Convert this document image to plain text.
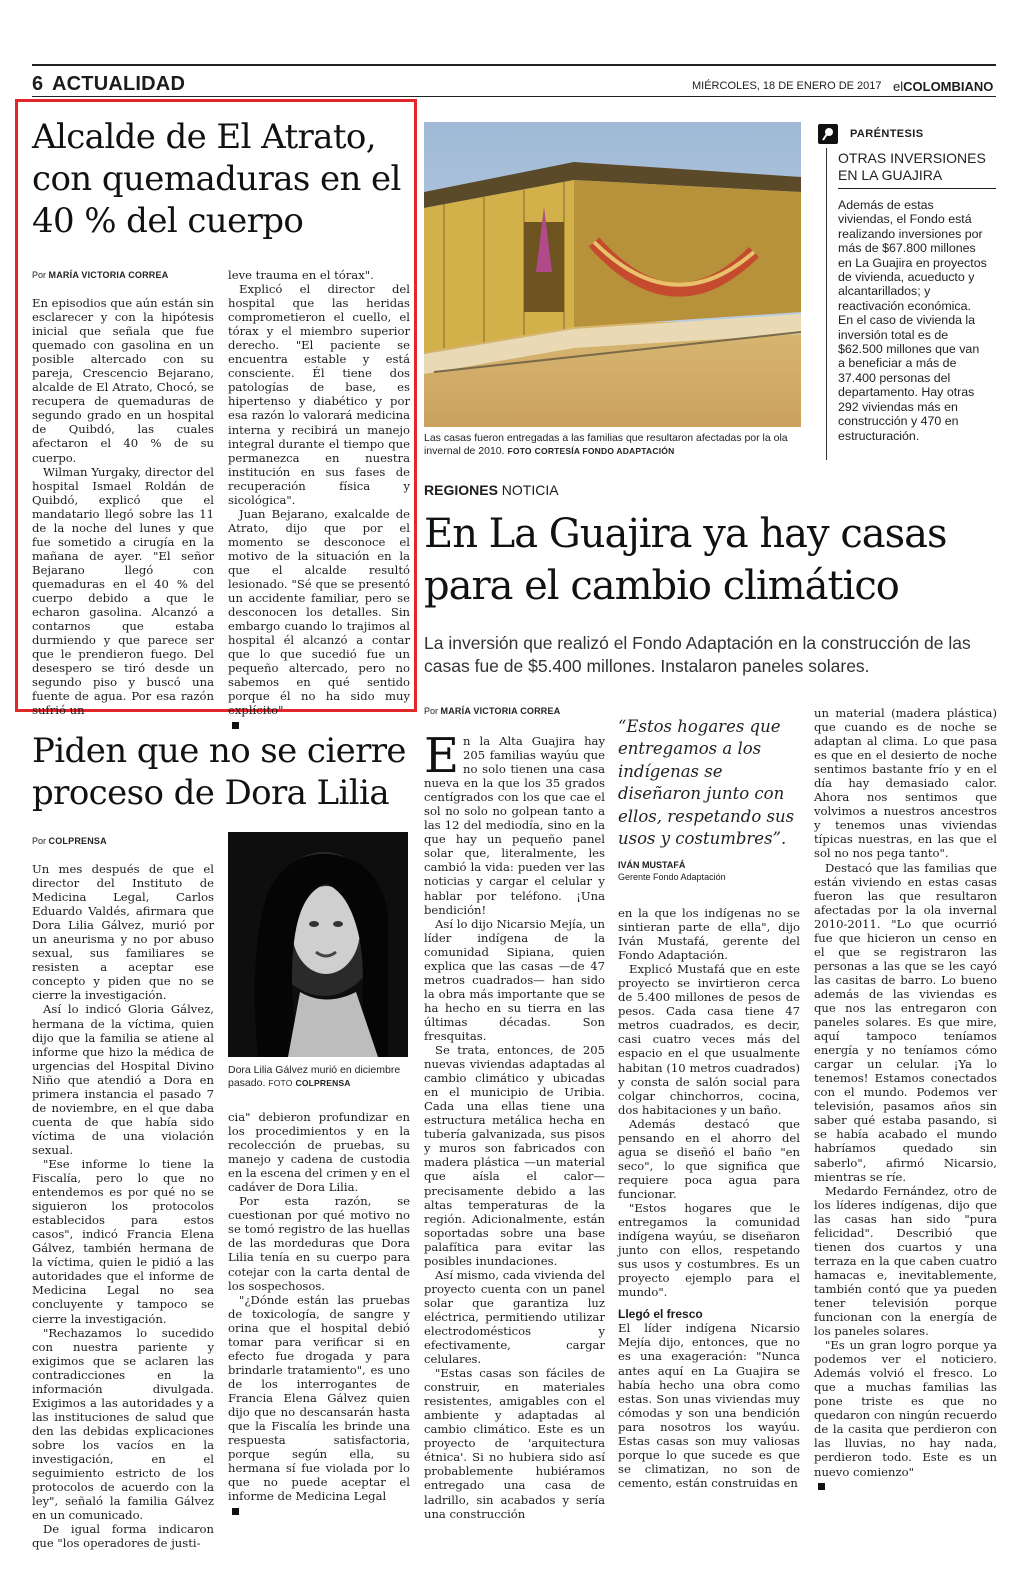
6 ACTUALIDAD	MIÉRCOLES, 18 DE ENERO DE 2017 elCOLOMBIANO
Alcalde de El Atrato, con quemaduras en el 40 % del cuerpo
Por MARÍA VICTORIA CORREA

En episodios que aún están sin esclarecer y con la hipótesis inicial que señala que fue quemado con gasolina en un posible altercado con su pareja, Crescencio Bejarano, alcalde de El Atrato, Chocó, se recupera de quemaduras de segundo grado en un hospital de Quibdó, las cuales afectaron el 40 % de su cuerpo.

Wilman Yurgaky, director del hospital Ismael Roldán de Quibdó, explicó que el mandatario llegó sobre las 11 de la noche del lunes y que fue sometido a cirugía en la mañana de ayer. "El señor Bejarano llegó con quemaduras en el 40 % del cuerpo debido a que le echaron gasolina. Alcanzó a contarnos que estaba durmiendo y que parece ser que le prendieron fuego. Del desespero se tiró desde un segundo piso y buscó una fuente de agua. Por esa razón sufrió un

leve trauma en el tórax".

Explicó el director del hospital que las heridas comprometieron el cuello, el tórax y el miembro superior derecho. "El paciente se encuentra estable y está consciente. Él tiene dos patologías de base, es hipertenso y diabético y por esa razón lo valorará medicina interna y recibirá un manejo integral durante el tiempo que permanezca en nuestra institución en sus fases de recuperación física y sicológica".

Juan Bejarano, exalcalde de Atrato, dijo que por el momento se desconoce el motivo de la situación en la que el alcalde resultó lesionado. "Sé que se presentó un accidente familiar, pero se desconocen los detalles. Sin embargo cuando lo trajimos al hospital él alcanzó a contar que lo que sucedió fue un pequeño altercado, pero no sabemos en qué sentido porque él no ha sido muy explícito"

Piden que no se cierre proceso de Dora Lilia
Por COLPRENSA

Un mes después de que el director del Instituto de Medicina Legal, Carlos Eduardo Valdés, afirmara que Dora Lilia Gálvez, murió por un aneurisma y no por abuso sexual, sus familiares se resisten a aceptar ese concepto y piden que no se cierre la investigación.

Así lo indicó Gloria Gálvez, hermana de la víctima, quien dijo que la familia se atiene al informe que hizo la médica de urgencias del Hospital Divino Niño que atendió a Dora en primera instancia el pasado 7 de noviembre, en el que daba cuenta de que había sido víctima de una violación sexual.

"Ese informe lo tiene la Fiscalía, pero lo que no entendemos es por qué no se siguieron los protocolos establecidos para estos casos", indicó Francia Elena Gálvez, también hermana de la víctima, quien le pidió a las autoridades que el informe de Medicina Legal no sea concluyente y tampoco se cierre la investigación.

"Rechazamos lo sucedido con nuestra pariente y exigimos que se aclaren las contradicciones en la información divulgada. Exigimos a las autoridades y a las instituciones de salud que den las debidas explicaciones sobre los vacíos en la investigación, en el seguimiento estricto de los protocolos de acuerdo con la ley", señaló la familia Gálvez en un comunicado.

De igual forma indicaron que "los operadores de justi-

Dora Lilia Gálvez murió en diciembre pasado. FOTO COLPRENSA

cia" debieron profundizar en los procedimientos y en la recolección de pruebas, su manejo y cadena de custodia en la escena del crimen y en el cadáver de Dora Lilia.

Por esta razón, se cuestionan por qué motivo no se tomó registro de las huellas de las mordeduras que Dora Lilia tenía en su cuerpo para cotejar con la carta dental de los sospechosos.

"¿Dónde están las pruebas de toxicología, de sangre y orina que el hospital debió tomar para verificar si en efecto fue drogada y para brindarle tratamiento", es uno de los interrogantes de Francia Elena Gálvez quien dijo que no descansarán hasta que la Fiscalía les brinde una respuesta satisfactoria, porque según ella, su hermana sí fue violada por lo que no puede aceptar el informe de Medicina Legal

Las casas fueron entregadas a las familias que resultaron afectadas por la ola invernal de 2010. FOTO CORTESÍA FONDO ADAPTACIÓN
PARÉNTESIS
OTRAS INVERSIONES EN LA GUAJIRA
Además de estas viviendas, el Fondo está realizando inversiones por más de $67.800 millones en La Guajira en proyectos de vivienda, acueducto y alcantarillados; y reactivación económica. En el caso de vivienda la inversión total es de $62.500 millones que van a beneficiar a más de 37.400 personas del departamento. Hay otras 292 viviendas más en construcción y 470 en estructuración.
REGIONES NOTICIA
En La Guajira ya hay casas para el cambio climático
La inversión que realizó el Fondo Adaptación en la construcción de las casas fue de $5.400 millones. Instalaron paneles solares.
Por MARÍA VICTORIA CORREA

En la Alta Guajira hay 205 familias wayúu que no solo tienen una casa nueva en la que los 35 grados centígrados con los que cae el sol no solo no golpean tanto a las 12 del mediodía, sino en la que hay un pequeño panel solar que, literalmente, les cambió la vida: pueden ver las noticias y cargar el celular y hablar por teléfono. ¡Una bendición!

Así lo dijo Nicarsio Mejía, un líder indígena de la comunidad Sipiana, quien explica que las casas —de 47 metros cuadrados— han sido la obra más importante que se ha hecho en su tierra en las últimas décadas. Son fresquitas.

Se trata, entonces, de 205 nuevas viviendas adaptadas al cambio climático y ubicadas en el municipio de Uribia. Cada una ellas tiene una estructura metálica hecha en tubería galvanizada, sus pisos y muros son fabricados con madera plástica —un material que aísla el calor— precisamente debido a las altas temperaturas de la región. Adicionalmente, están soportadas sobre una base palafítica para evitar las posibles inundaciones.

Así mismo, cada vivienda del proyecto cuenta con un panel solar que garantiza luz eléctrica, permitiendo utilizar electrodomésticos y efectivamente, cargar celulares.

"Estas casas son fáciles de construir, en materiales resistentes, amigables con el ambiente y adaptadas al cambio climático. Este es un proyecto de 'arquitectura étnica'. Si no hubiera sido así probablemente hubiéramos entregado una casa de ladrillo, sin acabados y sería una construcción

“Estos hogares que entregamos a los indígenas se diseñaron junto con ellos, respetando sus usos y costumbres”.
IVÁN MUSTAFÁ
Gerente Fondo Adaptación

en la que los indígenas no se sintieran parte de ella", dijo Iván Mustafá, gerente del Fondo Adaptación.

Explicó Mustafá que en este proyecto se invirtieron cerca de 5.400 millones de pesos de pesos. Cada casa tiene 47 metros cuadrados, es decir, casi cuatro veces más del espacio en el que usualmente habitan (10 metros cuadrados) y consta de salón social para colgar chinchorros, cocina, dos habitaciones y un baño.

Además destacó que pensando en el ahorro del agua se diseñó el baño "en seco", lo que significa que requiere poca agua para funcionar.

"Estos hogares que le entregamos la comunidad indígena wayúu, se diseñaron junto con ellos, respetando sus usos y costumbres. Es un proyecto ejemplo para el mundo".

Llegó el fresco

El líder indígena Nicarsio Mejía dijo, entonces, que no es una exageración: "Nunca antes aquí en La Guajira se había hecho una obra como estas. Son unas viviendas muy cómodas y son una bendición para nosotros los wayúu. Estas casas son muy valiosas porque lo que sucede es que se climatizan, no son de cemento, están construidas en

un material (madera plástica) que cuando es de noche se adaptan al clima. Lo que pasa es que en el desierto de noche sentimos bastante frío y en el día hay demasiado calor. Ahora nos sentimos que volvimos a nuestros ancestros y tenemos unas viviendas típicas nuestras, en las que el sol no nos pega tanto".

Destacó que las familias que están viviendo en estas casas fueron las que resultaron afectadas por la ola invernal 2010-2011. "Lo que ocurrió fue que hicieron un censo en el que se registraron las personas a las que se les cayó las casitas de barro. Lo bueno además de las viviendas es que nos las entregaron con paneles solares. Es que mire, aquí tampoco teníamos energía y no teníamos cómo cargar un celular. ¡Ya lo tenemos! Estamos conectados con el mundo. Podemos ver televisión, pasamos años sin saber qué estaba pasando, si se había acabado el mundo habríamos quedado sin saberlo", afirmó Nicarsio, mientras se ríe.

Medardo Fernández, otro de los líderes indígenas, dijo que las casas han sido "pura felicidad". Describió que tienen dos cuartos y una terraza en la que caben cuatro hamacas e, inevitablemente, también contó que ya pueden tener televisión porque funcionan con la energía de los paneles solares.

"Es un gran logro porque ya podemos ver el noticiero. Además volvió el fresco. Lo que a muchas familias las pone triste es que no quedaron con ningún recuerdo de la casita que perdieron con las lluvias, no hay nada, perdieron todo. Este es un nuevo comienzo"
